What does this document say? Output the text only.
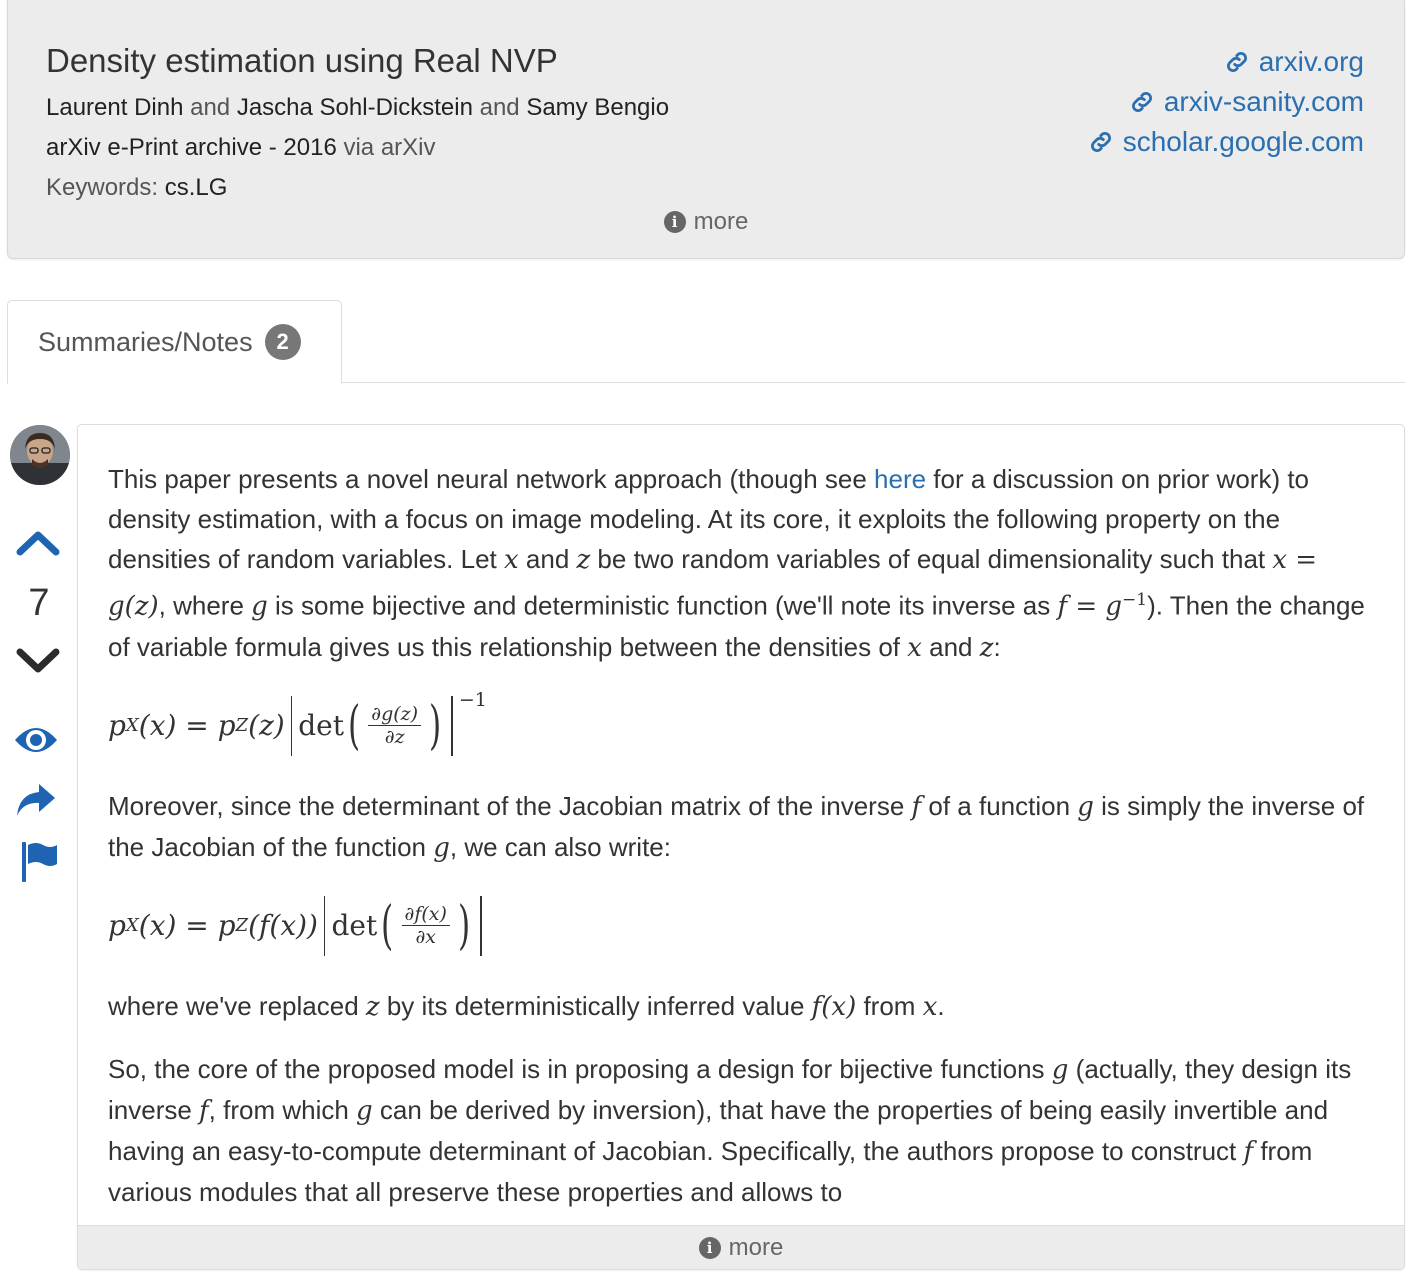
Density estimation using Real NVP
Laurent Dinh and Jascha Sohl-Dickstein and Samy Bengio
arXiv e-Print archive - 2016 via arXiv
Keywords: cs.LG
arxiv.org
arxiv-sanity.com
scholar.google.com
i more
Summaries/Notes	2
7

This paper presents a novel neural network approach (though see here for a discussion on prior work) to density estimation, with a focus on image modeling. At its core, it exploits the following property on the densities of random variables. Let x and z be two random variables of equal dimensionality such that x = g(z), where g is some bijective and deterministic function (we'll note its inverse as $f = g^{-1}$). Then the change of variable formula gives us this relationship between the densities of x and z:

p X (x) = p Z (z) det ( $\frac{\partial g(z)}{\partial z}$ ) −1

Moreover, since the determinant of the Jacobian matrix of the inverse f of a function g is simply the inverse of the Jacobian of the function g, we can also write:

p X (x) = p Z (f(x)) det ( $\frac{\partial f(x)}{\partial x}$ )

where we've replaced z by its deterministically inferred value f(x) from x.

So, the core of the proposed model is in proposing a design for bijective functions g (actually, they design its inverse f, from which g can be derived by inversion), that have the properties of being easily invertible and having an easy-to-compute determinant of Jacobian. Specifically, the authors propose to construct f from various modules that all preserve these properties and allows to

i more
